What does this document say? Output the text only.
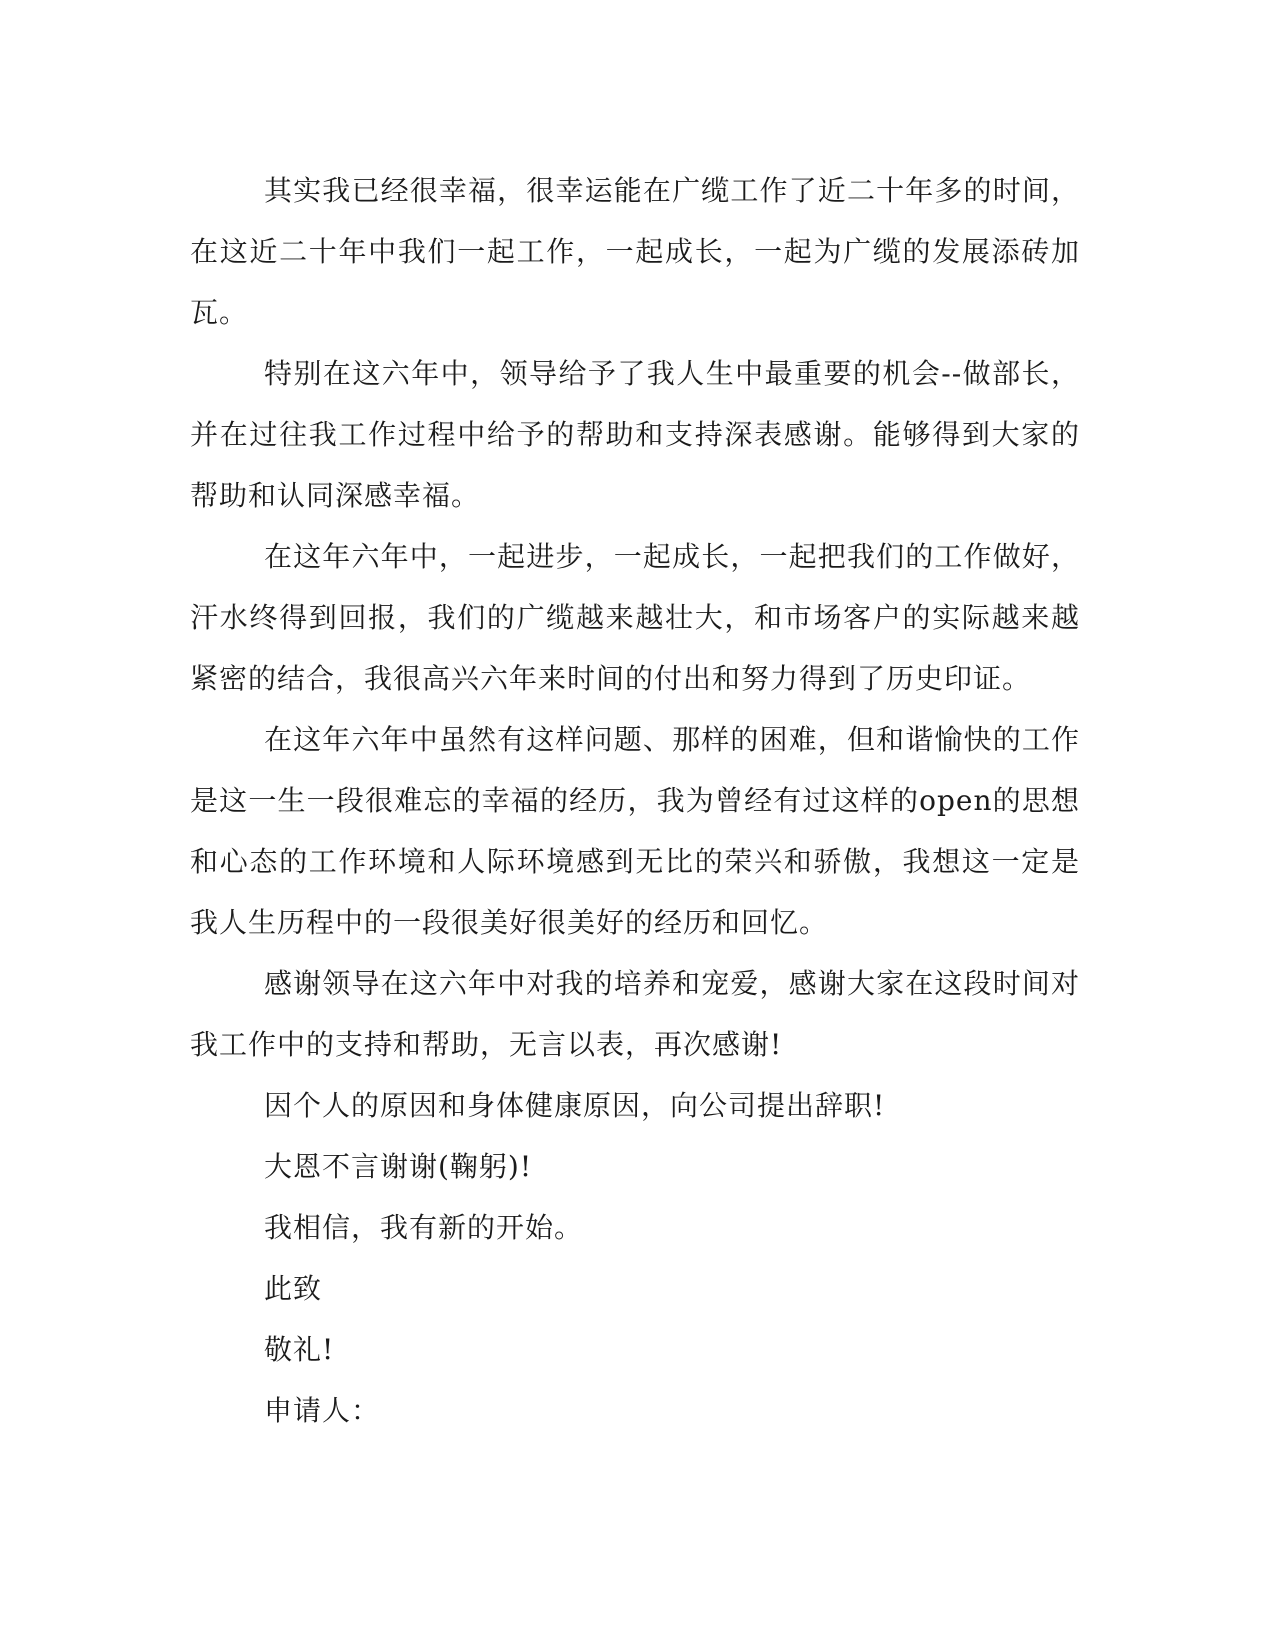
其实我已经很幸福，很幸运能在广缆工作了近二十年多的时间，在这近二十年中我们一起工作，一起成长，一起为广缆的发展添砖加瓦。

特别在这六年中，领导给予了我人生中最重要的机会--做部长，并在过往我工作过程中给予的帮助和支持深表感谢。能够得到大家的帮助和认同深感幸福。

在这年六年中，一起进步，一起成长，一起把我们的工作做好，汗水终得到回报，我们的广缆越来越壮大，和市场客户的实际越来越紧密的结合，我很高兴六年来时间的付出和努力得到了历史印证。

在这年六年中虽然有这样问题、那样的困难，但和谐愉快的工作是这一生一段很难忘的幸福的经历，我为曾经有过这样的open的思想和心态的工作环境和人际环境感到无比的荣兴和骄傲，我想这一定是我人生历程中的一段很美好很美好的经历和回忆。

感谢领导在这六年中对我的培养和宠爱，感谢大家在这段时间对我工作中的支持和帮助，无言以表，再次感谢!

因个人的原因和身体健康原因，向公司提出辞职!

大恩不言谢谢(鞠躬)!

我相信，我有新的开始。

此致

敬礼!

申请人：
